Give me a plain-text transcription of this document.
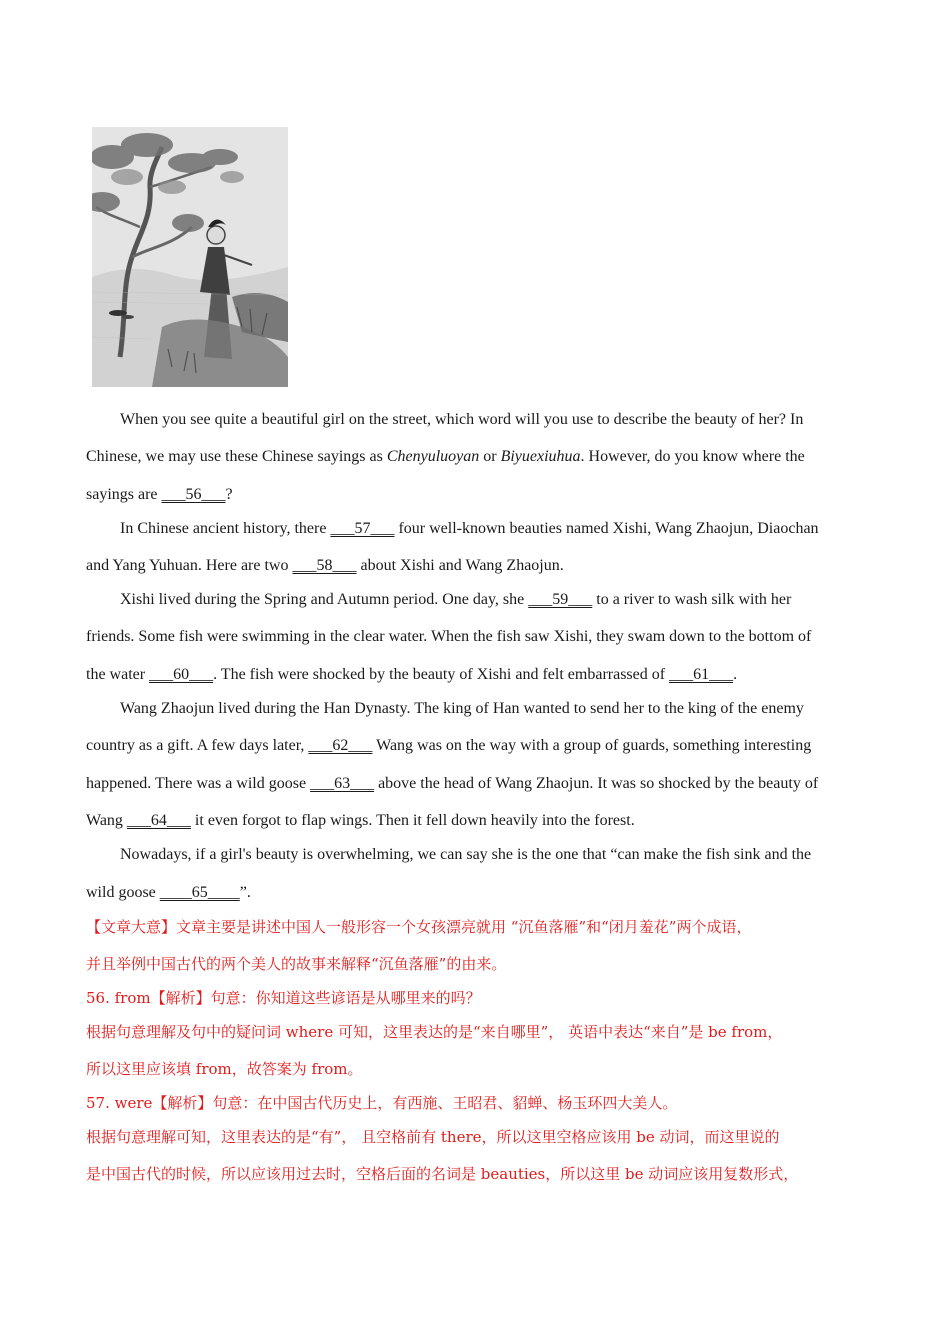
When you see quite a beautiful girl on the street, which word will you use to describe the beauty of her? In
Chinese, we may use these Chinese sayings as Chenyuluoyan or Biyuexiuhua. However, do you know where the
sayings are ___56___?
In Chinese ancient history, there ___57___ four well-known beauties named Xishi, Wang Zhaojun, Diaochan
and Yang Yuhuan. Here are two ___58___ about Xishi and Wang Zhaojun.
Xishi lived during the Spring and Autumn period. One day, she ___59___ to a river to wash silk with her
friends. Some fish were swimming in the clear water. When the fish saw Xishi, they swam down to the bottom of
the water ___60___. The fish were shocked by the beauty of Xishi and felt embarrassed of ___61___.
Wang Zhaojun lived during the Han Dynasty. The king of Han wanted to send her to the king of the enemy
country as a gift. A few days later, ___62___ Wang was on the way with a group of guards, something interesting
happened. There was a wild goose ___63___ above the head of Wang Zhaojun. It was so shocked by the beauty of
Wang ___64___ it even forgot to flap wings. Then it fell down heavily into the forest.
Nowadays, if a girl's beauty is overwhelming, we can say she is the one that “can make the fish sink and the
wild goose ____65____”.
【文章大意】文章主要是讲述中国人一般形容一个女孩漂亮就用 “沉鱼落雁”和“闭月羞花”两个成语，
并且举例中国古代的两个美人的故事来解释“沉鱼落雁”的由来。
56. from【解析】句意：你知道这些谚语是从哪里来的吗？
根据句意理解及句中的疑问词 where 可知，这里表达的是“来自哪里”， 英语中表达“来自”是 be from，
所以这里应该填 from，故答案为 from。
57. were【解析】句意：在中国古代历史上，有西施、王昭君、貂蝉、杨玉环四大美人。
根据句意理解可知，这里表达的是“有”， 且空格前有 there，所以这里空格应该用 be 动词，而这里说的
是中国古代的时候，所以应该用过去时，空格后面的名词是 beauties，所以这里 be 动词应该用复数形式，
